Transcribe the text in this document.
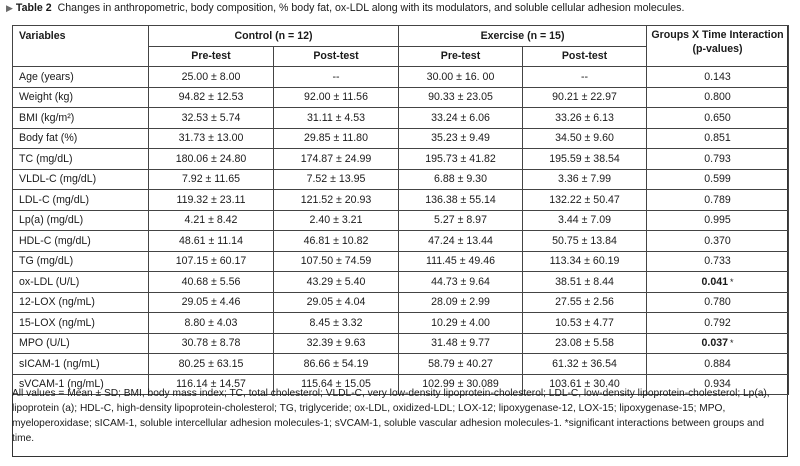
▶ Table 2 Changes in anthropometric, body composition, % body fat, ox-LDL along with its modulators, and soluble cellular adhesion molecules.
Variables	Control (n = 12)		Exercise (n = 15)		Groups X Time Interaction (p-values)
	Pre-test	Post-test	Pre-test	Post-test	
Age (years)	25.00 ± 8.00	--	30.00 ± 16. 00	--	0.143
Weight (kg)	94.82 ± 12.53	92.00 ± 11.56	90.33 ± 23.05	90.21 ± 22.97	0.800
BMI (kg/m²)	32.53 ± 5.74	31.11 ± 4.53	33.24 ± 6.06	33.26 ± 6.13	0.650
Body fat (%)	31.73 ± 13.00	29.85 ± 11.80	35.23 ± 9.49	34.50 ± 9.60	0.851
TC (mg/dL)	180.06 ± 24.80	174.87 ± 24.99	195.73 ± 41.82	195.59 ± 38.54	0.793
VLDL-C (mg/dL)	7.92 ± 11.65	7.52 ± 13.95	6.88 ± 9.30	3.36 ± 7.99	0.599
LDL-C (mg/dL)	119.32 ± 23.11	121.52 ± 20.93	136.38 ± 55.14	132.22 ± 50.47	0.789
Lp(a) (mg/dL)	4.21 ± 8.42	2.40 ± 3.21	5.27 ± 8.97	3.44 ± 7.09	0.995
HDL-C (mg/dL)	48.61 ± 11.14	46.81 ± 10.82	47.24 ± 13.44	50.75 ± 13.84	0.370
TG (mg/dL)	107.15 ± 60.17	107.50 ± 74.59	111.45 ± 49.46	113.34 ± 60.19	0.733
ox-LDL (U/L)	40.68 ± 5.56	43.29 ± 5.40	44.73 ± 9.64	38.51 ± 8.44	0.041 *
12-LOX (ng/mL)	29.05 ± 4.46	29.05 ± 4.04	28.09 ± 2.99	27.55 ± 2.56	0.780
15-LOX (ng/mL)	8.80 ± 4.03	8.45 ± 3.32	10.29 ± 4.00	10.53 ± 4.77	0.792
MPO (U/L)	30.78 ± 8.78	32.39 ± 9.63	31.48 ± 9.77	23.08 ± 5.58	0.037 *
sICAM-1 (ng/mL)	80.25 ± 63.15	86.66 ± 54.19	58.79 ± 40.27	61.32 ± 36.54	0.884
sVCAM-1 (ng/mL)	116.14 ± 14.57	115.64 ± 15.05	102.99 ± 30.089	103.61 ± 30.40	0.934
All values = Mean ± SD; BMI, body mass index; TC, total cholesterol; VLDL-C, very low-density lipoprotein-cholesterol; LDL-C, low-density lipoprotein-cholesterol; Lp(a), lipoprotein (a); HDL-C, high-density lipoprotein-cholesterol; TG, triglyceride; ox-LDL, oxidized-LDL; LOX-12; lipoxygenase-12, LOX-15; lipoxygenase-15; MPO, myeloperoxidase; sICAM-1, soluble intercellular adhesion molecules-1; sVCAM-1, soluble vascular adhesion molecules-1. *significant interactions between groups and time.
